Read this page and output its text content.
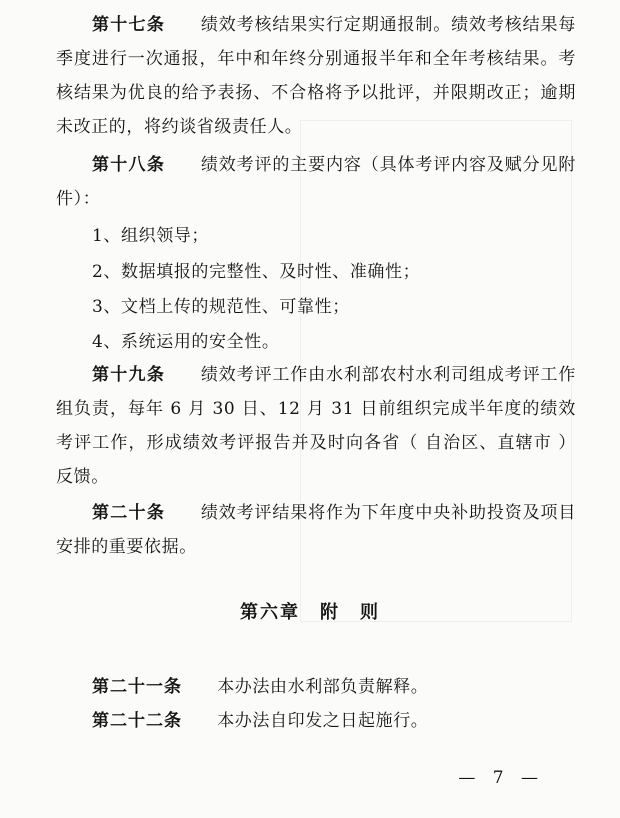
第十七条　　 绩效考核结果实行定期通报制。绩效考核结果每季度进行一次通报，年中和年终分别通报半年和全年考核结果。考核结果为优良的给予表扬、不合格将予以批评，并限期改正；逾期未改正的，将约谈省级责任人。

第十八条　　 绩效考评的主要内容（具体考评内容及赋分见附件）：

1、组织领导；

2、数据填报的完整性、及时性、准确性；

3、文档上传的规范性、可靠性；

4、系统运用的安全性。

第十九条　　 绩效考评工作由水利部农村水利司组成考评工作组负责，每年 6 月 30 日、12 月 31 日前组织完成半年度的绩效考评工作，形成绩效考评报告并及时向各省（ 自治区、直辖市 ）反馈。

第二十条　　 绩效考评结果将作为下年度中央补助投资及项目安排的重要依据。

第六章　附　则

第二十一条　　 本办法由水利部负责解释。

第二十二条　　 本办法自印发之日起施行。

— 7 —
